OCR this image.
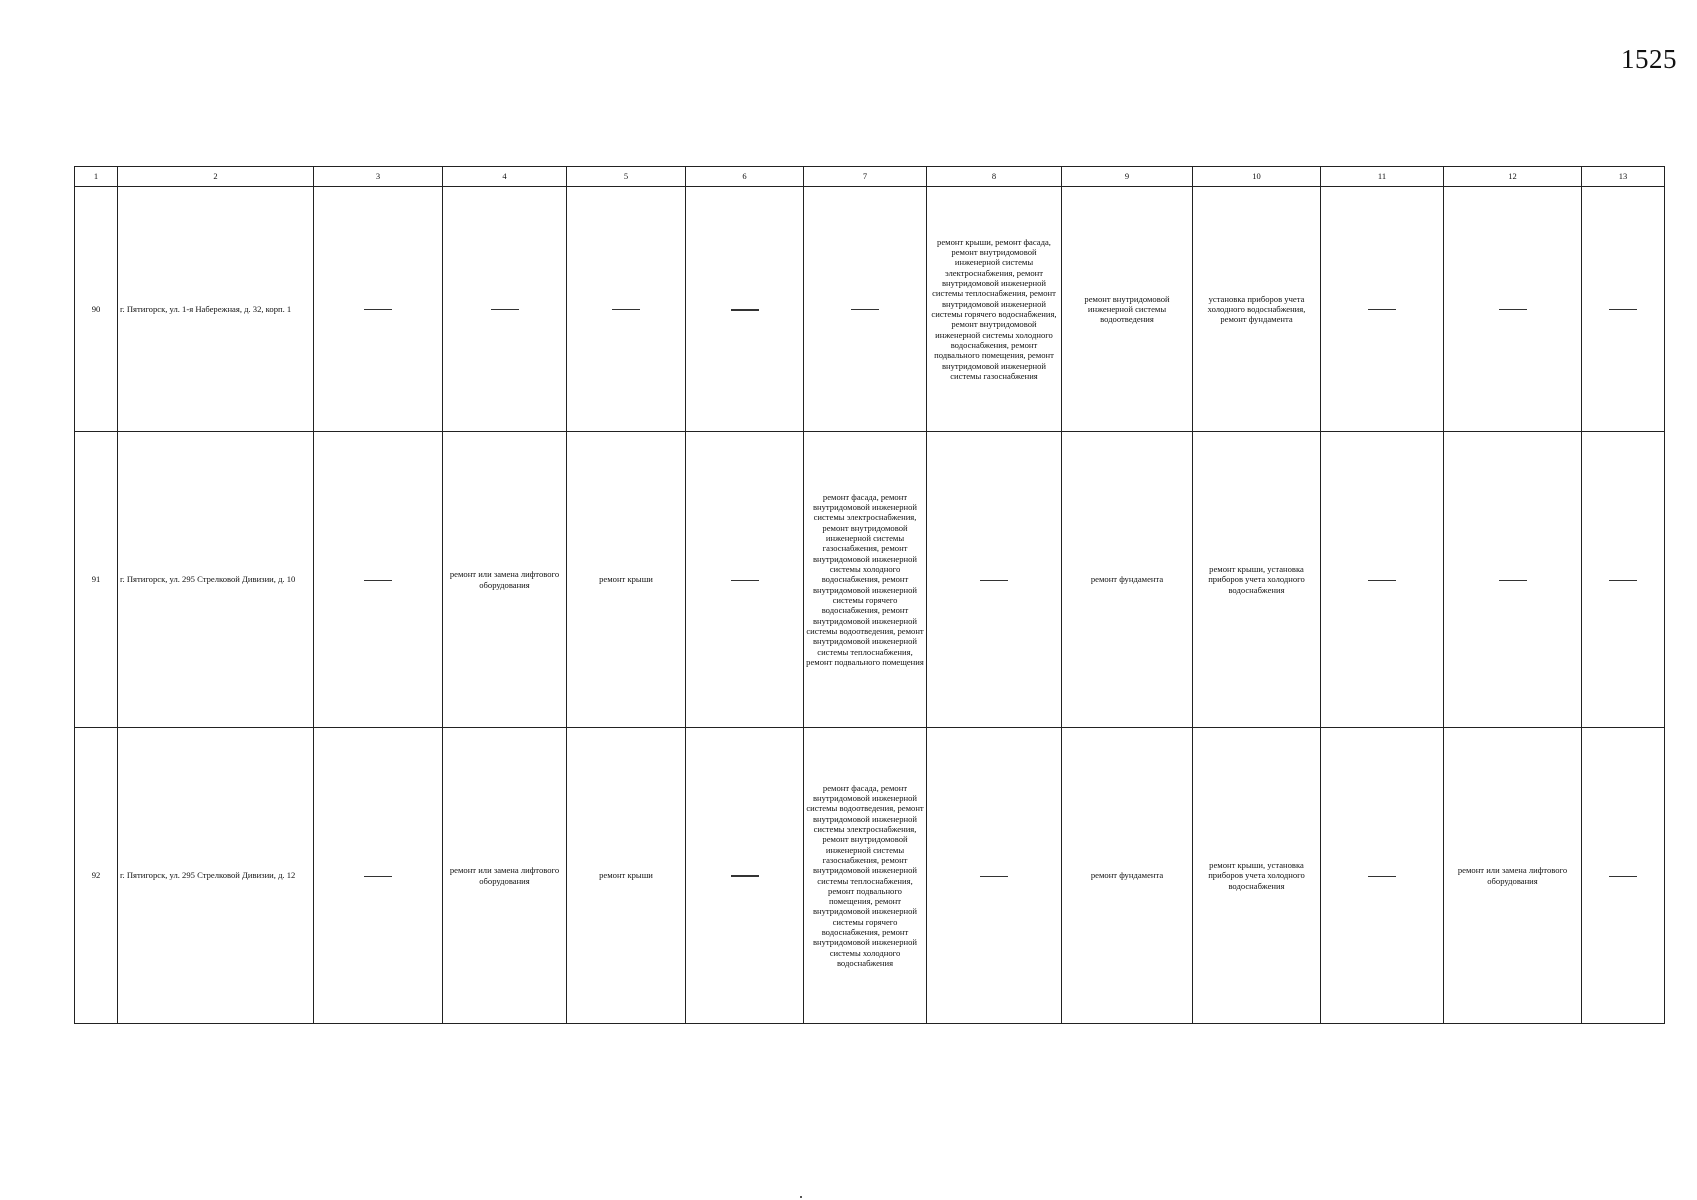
1525
1	2	3	4	5	6	7	8	9	10	11	12	13
90	г. Пятигорск, ул. 1-я Набережная, д. 32, корп. 1						ремонт крыши, ремонт фасада, ремонт внутридомовой инженерной системы электроснабжения, ремонт внутридомовой инженерной системы теплоснабжения, ремонт внутридомовой инженерной системы горячего водоснабжения, ремонт внутридомовой инженерной системы холодного водоснабжения, ремонт подвального помещения, ремонт внутридомовой инженерной системы газоснабжения	ремонт внутридомовой инженерной системы водоотведения	установка приборов учета холодного водоснабжения, ремонт фундамента			
91	г. Пятигорск, ул. 295 Стрелковой Дивизии, д. 10		ремонт или замена лифтового оборудования	ремонт крыши		ремонт фасада, ремонт внутридомовой инженерной системы электроснабжения, ремонт внутридомовой инженерной системы газоснабжения, ремонт внутридомовой инженерной системы холодного водоснабжения, ремонт внутридомовой инженерной системы горячего водоснабжения, ремонт внутридомовой инженерной системы водоотведения, ремонт внутридомовой инженерной системы теплоснабжения, ремонт подвального помещения		ремонт фундамента	ремонт крыши, установка приборов учета холодного водоснабжения			
92	г. Пятигорск, ул. 295 Стрелковой Дивизии, д. 12		ремонт или замена лифтового оборудования	ремонт крыши		ремонт фасада, ремонт внутридомовой инженерной системы водоотведения, ремонт внутридомовой инженерной системы электроснабжения, ремонт внутридомовой инженерной системы газоснабжения, ремонт внутридомовой инженерной системы теплоснабжения, ремонт подвального помещения, ремонт внутридомовой инженерной системы горячего водоснабжения, ремонт внутридомовой инженерной системы холодного водоснабжения		ремонт фундамента	ремонт крыши, установка приборов учета холодного водоснабжения		ремонт или замена лифтового оборудования	
